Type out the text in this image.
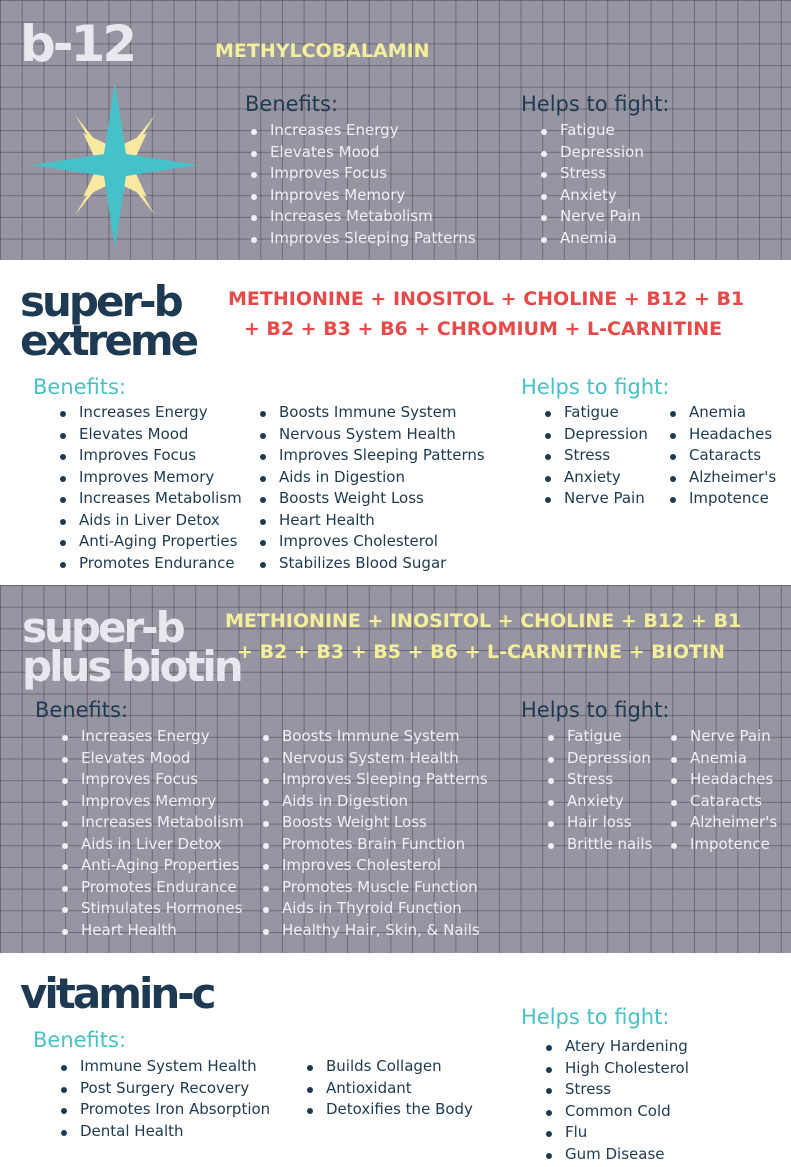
b-12	METHYLCOBALAMIN
Benefits:
Increases Energy
Elevates Mood
Improves Focus
Improves Memory
Increases Metabolism
Improves Sleeping Patterns
Helps to fight:
Fatigue
Depression
Stress
Anxiety
Nerve Pain
Anemia
super-b
extreme
METHIONINE + INOSITOL + CHOLINE + B12 + B1
+ B2 + B3 + B6 + CHROMIUM + L-CARNITINE
Benefits:
Increases Energy
Elevates Mood
Improves Focus
Improves Memory
Increases Metabolism
Aids in Liver Detox
Anti-Aging Properties
Promotes Endurance
Boosts Immune System
Nervous System Health
Improves Sleeping Patterns
Aids in Digestion
Boosts Weight Loss
Heart Health
Improves Cholesterol
Stabilizes Blood Sugar
Helps to fight:
Fatigue
Depression
Stress
Anxiety
Nerve Pain
Anemia
Headaches
Cataracts
Alzheimer's
Impotence
super-b
plus biotin
METHIONINE + INOSITOL + CHOLINE + B12 + B1
+ B2 + B3 + B5 + B6 + L-CARNITINE + BIOTIN
Benefits:
Increases Energy
Elevates Mood
Improves Focus
Improves Memory
Increases Metabolism
Aids in Liver Detox
Anti-Aging Properties
Promotes Endurance
Stimulates Hormones
Heart Health
Boosts Immune System
Nervous System Health
Improves Sleeping Patterns
Aids in Digestion
Boosts Weight Loss
Promotes Brain Function
Improves Cholesterol
Promotes Muscle Function
Aids in Thyroid Function
Healthy Hair, Skin, & Nails
Helps to fight:
Fatigue
Depression
Stress
Anxiety
Hair loss
Brittle nails
Nerve Pain
Anemia
Headaches
Cataracts
Alzheimer's
Impotence
vitamin-c
Benefits:
Immune System Health
Post Surgery Recovery
Promotes Iron Absorption
Dental Health
Builds Collagen
Antioxidant
Detoxifies the Body
Helps to fight:
Atery Hardening
High Cholesterol
Stress
Common Cold
Flu
Gum Disease
